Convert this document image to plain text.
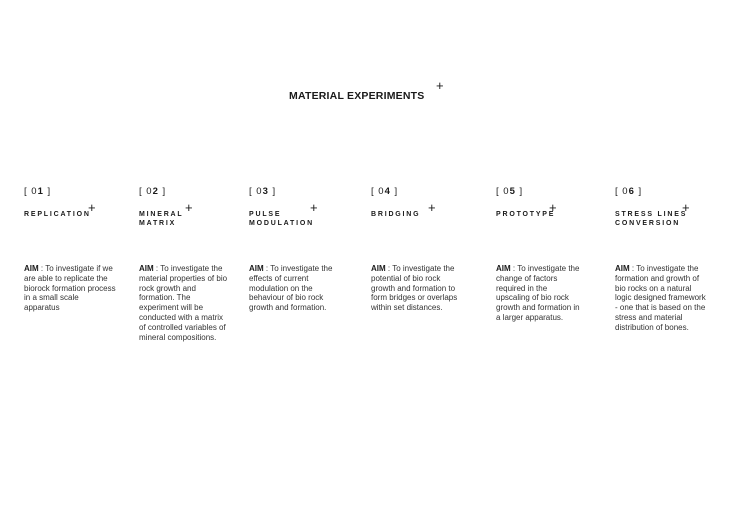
MATERIAL EXPERIMENTS
+
[ 01 ]
REPLICATION
+
AIM : To investigate if we are able to replicate the biorock formation process in a small scale apparatus
[ 02 ]
MINERAL MATRIX
+
AIM : To investigate the material properties of bio rock growth and formation. The experiment will be conducted with a matrix of controlled variables of mineral compositions.
[ 03 ]
PULSE MODULATION
+
AIM : To investigate the effects of current modulation on the behaviour of bio rock growth and formation.
[ 04 ]
BRIDGING +
AIM : To investigate the potential of bio rock growth and formation to form bridges or overlaps within set distances.
[ 05 ]
PROTOTYPE
+
AIM : To investigate the change of factors required in the upscaling of bio rock growth and formation in a larger apparatus.
[ 06 ]
STRESS LINES CONVERSION
+
AIM : To investigate the formation and growth of bio rocks on a natural logic designed framework - one that is based on the stress and material distribution of bones.
